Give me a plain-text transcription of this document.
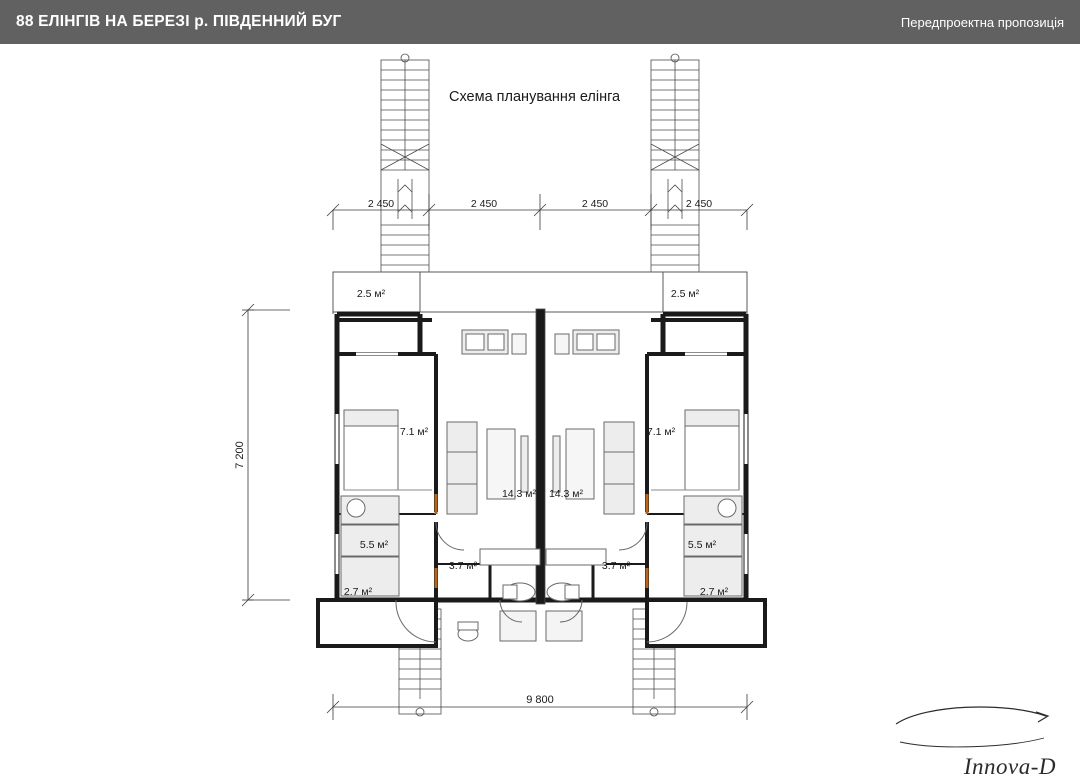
88 ЕЛІНГІВ НА БЕРЕЗІ р. ПІВДЕННИЙ БУГ	Передпроектна пропозиція
Схема планування елінга
2 450	2 450	2 450	2 450
7 200
9 800
2.5 м²	2.5 м²
7.1 м²	7.1 м²
14.3 м² 14.3 м²
5.5 м²	5.5 м²
3.7 м²	3.7 м²
2.7 м²	2.7 м²
Innova-D
